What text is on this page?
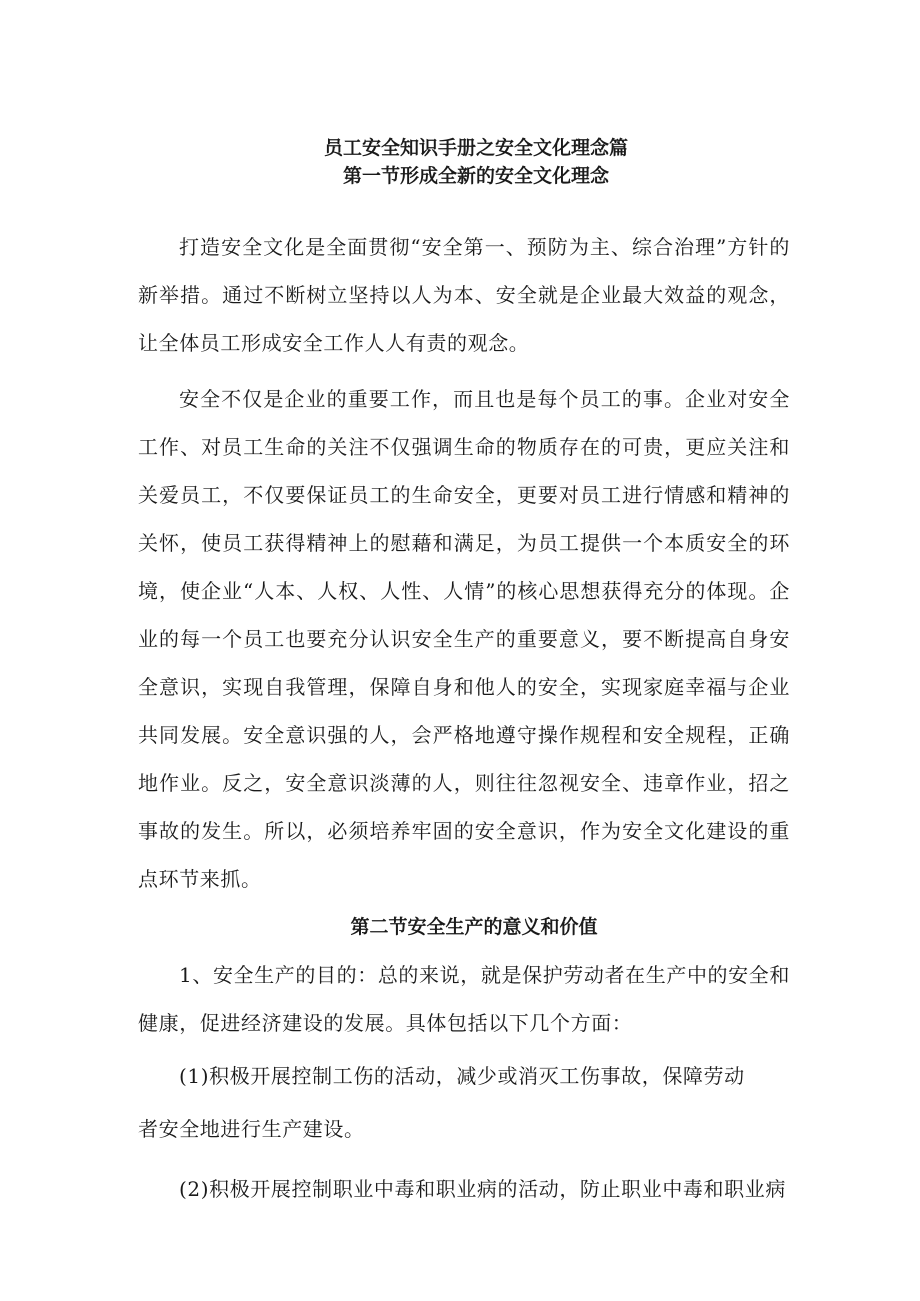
员工安全知识手册之安全文化理念篇
第一节形成全新的安全文化理念

打造安全文化是全面贯彻“安全第一、预防为主、综合治理”方针的新举措。通过不断树立坚持以人为本、安全就是企业最大效益的观念，让全体员工形成安全工作人人有责的观念。

安全不仅是企业的重要工作，而且也是每个员工的事。企业对安全工作、对员工生命的关注不仅强调生命的物质存在的可贵，更应关注和关爱员工，不仅要保证员工的生命安全，更要对员工进行情感和精神的关怀，使员工获得精神上的慰藉和满足，为员工提供一个本质安全的环境，使企业“人本、人权、人性、人情”的核心思想获得充分的体现。企业的每一个员工也要充分认识安全生产的重要意义，要不断提高自身安全意识，实现自我管理，保障自身和他人的安全，实现家庭幸福与企业共同发展。安全意识强的人，会严格地遵守操作规程和安全规程，正确地作业。反之，安全意识淡薄的人，则往往忽视安全、违章作业，招之事故的发生。所以，必须培养牢固的安全意识，作为安全文化建设的重点环节来抓。

第二节安全生产的意义和价值

1、安全生产的目的：总的来说，就是保护劳动者在生产中的安全和健康，促进经济建设的发展。具体包括以下几个方面：

(1)积极开展控制工伤的活动，减少或消灭工伤事故，保障劳动

者安全地进行生产建设。

(2)积极开展控制职业中毒和职业病的活动，防止职业中毒和职业病
